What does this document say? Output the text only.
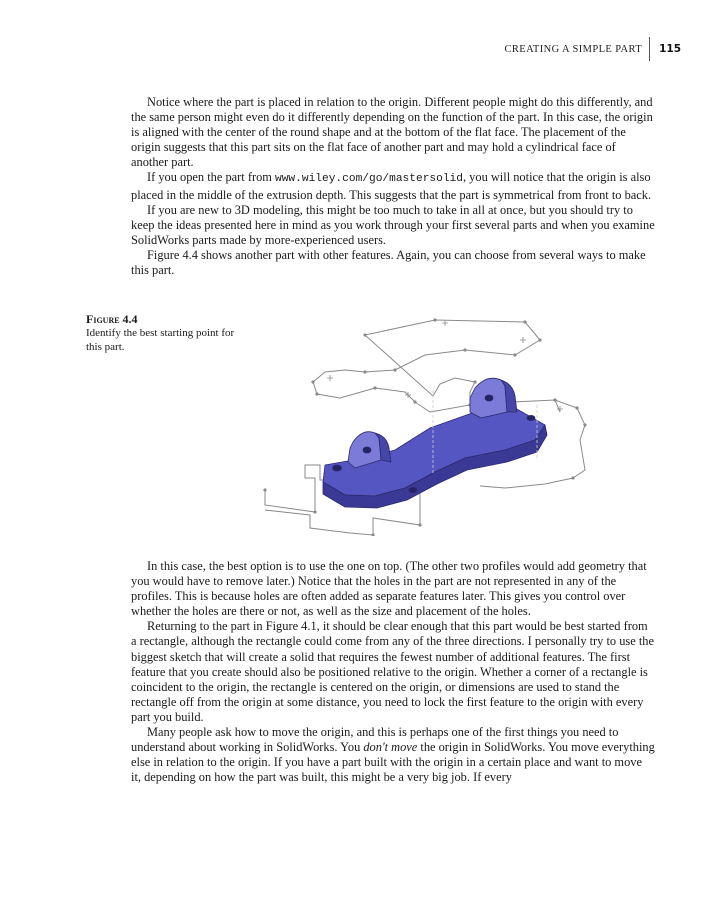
CREATING A SIMPLE PART 115

Notice where the part is placed in relation to the origin. Different people might do this differently, and the same person might even do it differently depending on the function of the part. In this case, the origin is aligned with the center of the round shape and at the bottom of the flat face. The placement of the origin suggests that this part sits on the flat face of another part and may hold a cylindrical face of another part.

If you open the part from www.wiley.com/go/mastersolid, you will notice that the origin is also placed in the middle of the extrusion depth. This suggests that the part is symmetrical from front to back.

If you are new to 3D modeling, this might be too much to take in all at once, but you should try to keep the ideas presented here in mind as you work through your first several parts and when you examine SolidWorks parts made by more-experienced users.

Figure 4.4 shows another part with other features. Again, you can choose from several ways to make this part.

Figure 4.4
Identify the best starting point for this part.

In this case, the best option is to use the one on top. (The other two profiles would add geometry that you would have to remove later.) Notice that the holes in the part are not represented in any of the profiles. This is because holes are often added as separate features later. This gives you control over whether the holes are there or not, as well as the size and placement of the holes.

Returning to the part in Figure 4.1, it should be clear enough that this part would be best started from a rectangle, although the rectangle could come from any of the three directions. I personally try to use the biggest sketch that will create a solid that requires the fewest number of additional features. The first feature that you create should also be positioned relative to the origin. Whether a corner of a rectangle is coincident to the origin, the rectangle is centered on the origin, or dimensions are used to stand the rectangle off from the origin at some distance, you need to lock the first feature to the origin with every part you build.

Many people ask how to move the origin, and this is perhaps one of the first things you need to understand about working in SolidWorks. You don't move the origin in SolidWorks. You move everything else in relation to the origin. If you have a part built with the origin in a certain place and want to move it, depending on how the part was built, this might be a very big job. If every
